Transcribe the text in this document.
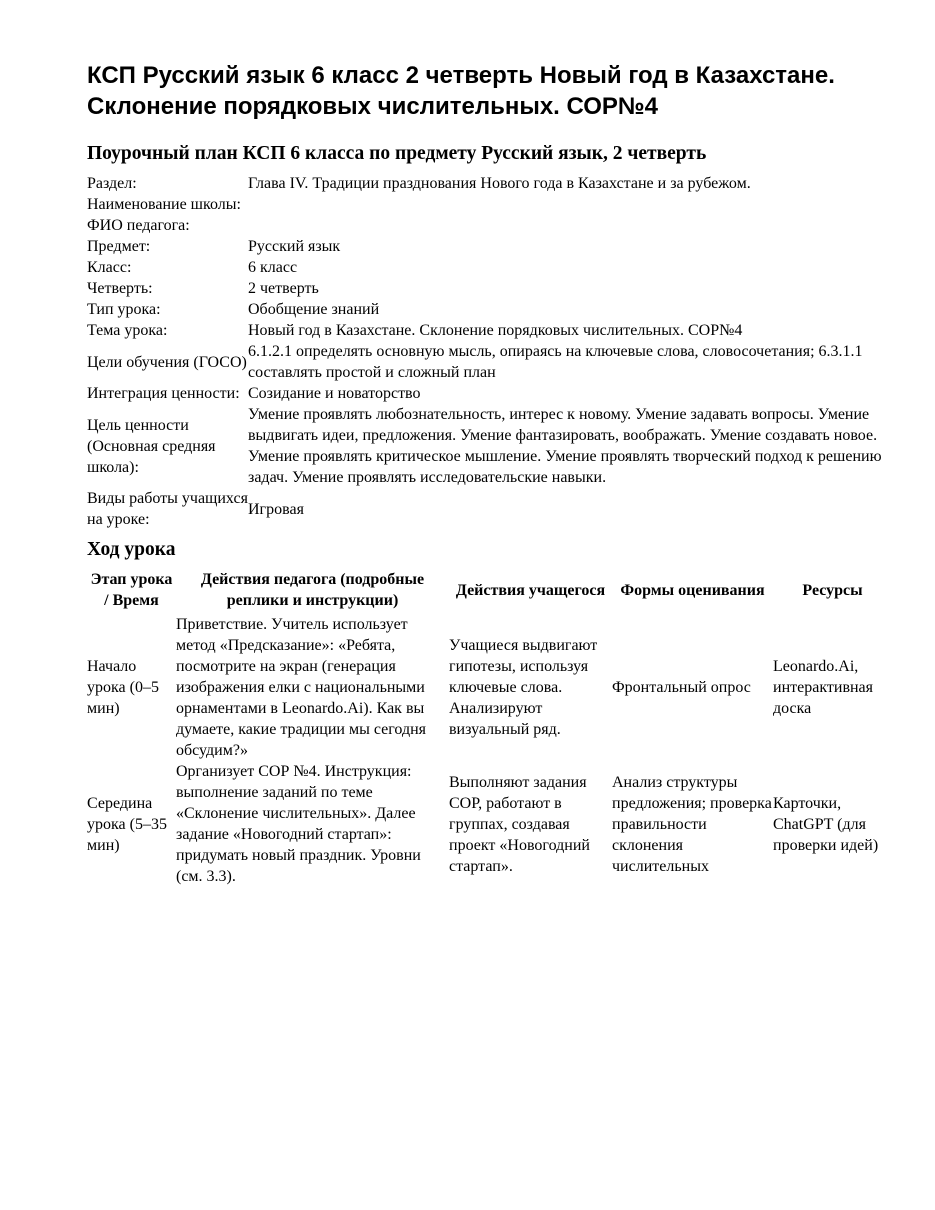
КСП Русский язык 6 класс 2 четверть Новый год в Казахстане. Склонение порядковых числительных. СОР№4
Поурочный план КСП 6 класса по предмету Русский язык, 2 четверть
Раздел:	Глава IV. Традиции празднования Нового года в Казахстане и за рубежом.
Наименование школы:	
ФИО педагога:	
Предмет:	Русский язык
Класс:	6 класс
Четверть:	2 четверть
Тип урока:	Обобщение знаний
Тема урока:	Новый год в Казахстане. Склонение порядковых числительных. СОР№4
Цели обучения (ГОСО)	6.1.2.1 определять основную мысль, опираясь на ключевые слова, словосочетания; 6.3.1.1 составлять простой и сложный план
Интеграция ценности:	Созидание и новаторство
Цель ценности (Основная средняя школа):	Умение проявлять любознательность, интерес к новому. Умение задавать вопросы. Умение выдвигать идеи, предложения. Умение фантазировать, воображать. Умение создавать новое. Умение проявлять критическое мышление. Умение проявлять творческий подход к решению задач. Умение проявлять исследовательские навыки.
Виды работы учащихся на уроке:	Игровая
Ход урока
Этап урока / Время	Действия педагога (подробные реплики и инструкции)	Действия учащегося	Формы оценивания	Ресурсы
Начало урока (0–5 мин)	Приветствие. Учитель использует метод «Предсказание»: «Ребята, посмотрите на экран (генерация изображения елки с национальными орнаментами в Leonardo.Ai). Как вы думаете, какие традиции мы сегодня обсудим?»	Учащиеся выдвигают гипотезы, используя ключевые слова. Анализируют визуальный ряд.	Фронтальный опрос	Leonardo.Ai, интерактивная доска
Середина урока (5–35 мин)	Организует СОР №4. Инструкция: выполнение заданий по теме «Склонение числительных». Далее задание «Новогодний стартап»: придумать новый праздник. Уровни (см. 3.3).	Выполняют задания СОР, работают в группах, создавая проект «Новогодний стартап».	Анализ структуры предложения; проверка правильности склонения числительных	Карточки, ChatGPT (для проверки идей)
